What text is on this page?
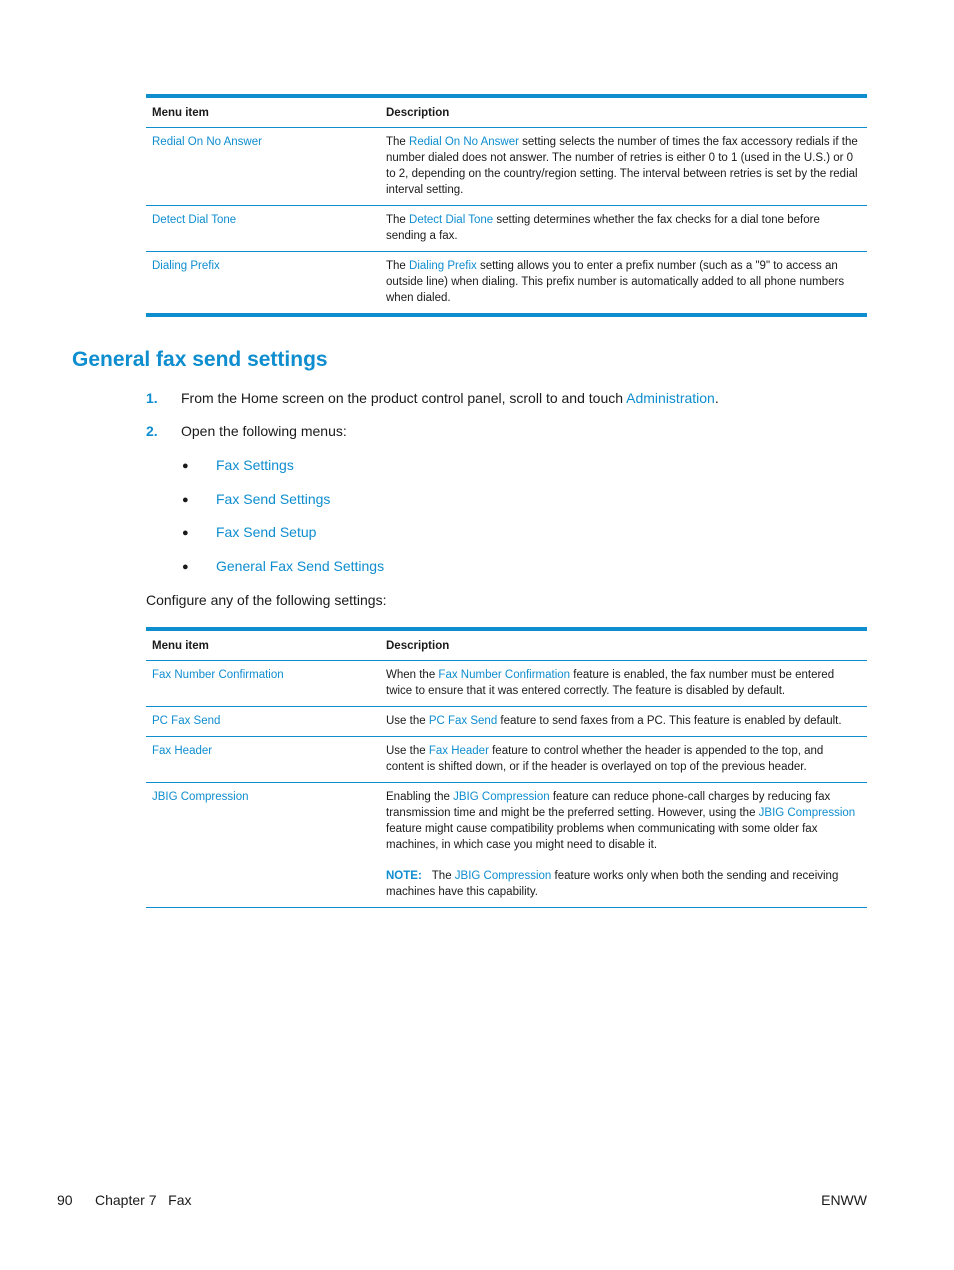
Menu item	Description
Redial On No Answer	The Redial On No Answer setting selects the number of times the fax accessory redials if the number dialed does not answer. The number of retries is either 0 to 1 (used in the U.S.) or 0 to 2, depending on the country/region setting. The interval between retries is set by the redial interval setting.
Detect Dial Tone	The Detect Dial Tone setting determines whether the fax checks for a dial tone before sending a fax.
Dialing Prefix	The Dialing Prefix setting allows you to enter a prefix number (such as a "9" to access an outside line) when dialing. This prefix number is automatically added to all phone numbers when dialed.
General fax send settings
1. From the Home screen on the product control panel, scroll to and touch Administration.
2. Open the following menus:
● Fax Settings
● Fax Send Settings
● Fax Send Setup
● General Fax Send Settings
Configure any of the following settings:
Menu item	Description
Fax Number Confirmation	When the Fax Number Confirmation feature is enabled, the fax number must be entered twice to ensure that it was entered correctly. The feature is disabled by default.
PC Fax Send	Use the PC Fax Send feature to send faxes from a PC. This feature is enabled by default.
Fax Header	Use the Fax Header feature to control whether the header is appended to the top, and content is shifted down, or if the header is overlayed on top of the previous header.
JBIG Compression	Enabling the JBIG Compression feature can reduce phone-call charges by reducing fax transmission time and might be the preferred setting. However, using the JBIG Compression feature might cause compatibility problems when communicating with some older fax machines, in which case you might need to disable it.
NOTE: The JBIG Compression feature works only when both the sending and receiving machines have this capability.
90 Chapter 7   Fax	ENWW
